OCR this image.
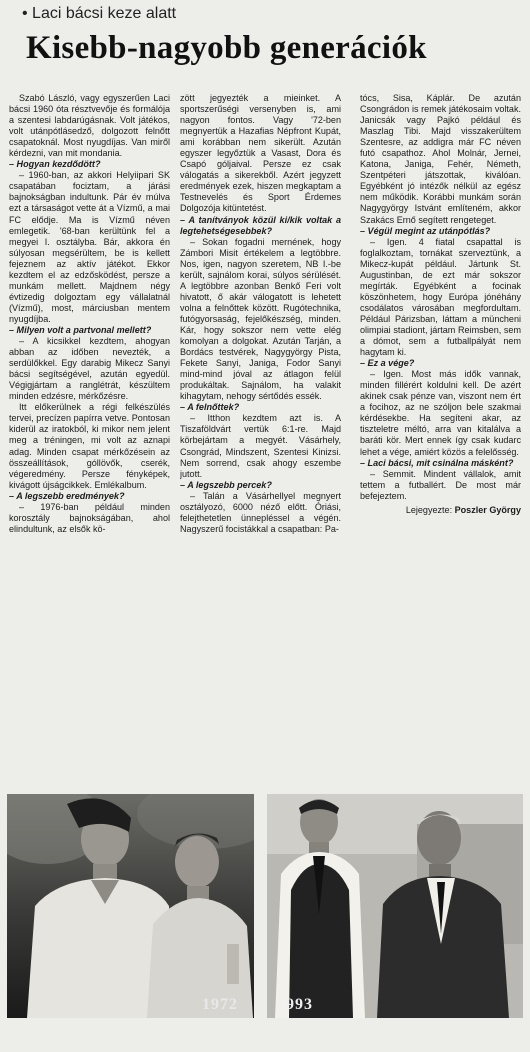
• Laci bácsi keze alatt
Kisebb-nagyobb generációk

Szabó László, vagy egyszerűen Laci bácsi 1960 óta résztvevője és formálója a szentesi labdarúgásnak. Volt játékos, volt utánpótlásedző, dolgozott felnőtt csapatoknál. Most nyugdíjas. Van miről kérdezni, van mit mondania.

– Hogyan kezdődött?

– 1960-ban, az akkori Helyiipari SK csapatában fociztam, a járási bajnokságban indultunk. Pár év múlva ezt a társaságot vette át a Vízmű, a mai FC elődje. Ma is Vízmű néven emlegetik. '68-ban kerültünk fel a megyei I. osztályba. Bár, akkora én súlyosan megsérültem, be is kellett fejeznem az aktív játékot. Ekkor kezdtem el az edzősködést, persze a munkám mellett. Majdnem négy évtizedig dolgoztam egy vállalatnál (Vízmű), most, márciusban mentem nyugdíjba.

– Milyen volt a partvonal mellett?

– A kicsikkel kezdtem, ahogyan abban az időben nevezték, a serdülőkkel. Egy darabig Mikecz Sanyi bácsi segítségével, azután egyedül. Végigjártam a ranglétrát, készültem minden edzésre, mérkőzésre.

Itt előkerülnek a régi felkészülés tervei, precízen papírra vetve. Pontosan kiderül az iratokból, ki mikor nem jelent meg a tréningen, mi volt az aznapi adag. Minden csapat mérkőzésein az összeállítások, góllövők, cserék, végeredmény. Persze fényképek, kivágott újságcikkek. Emlékalbum.

– A legszebb eredmények?

– 1976-ban például minden korosztály bajnokságában, ahol elindultunk, az elsők kö-

zött jegyezték a mieinket. A sportszerűségi versenyben is, ami nagyon fontos. Vagy '72-ben megnyertük a Hazafias Népfront Kupát, ami korábban nem sikerült. Azután egyszer legyőztük a Vasast, Dora és Csapó góljaival. Persze ez csak válogatás a sikerekből. Azért jegyzett eredmények ezek, hiszen megkaptam a Testnevelés és Sport Érdemes Dolgozója kitüntetést.

– A tanítványok közül ki/kik voltak a legtehetségesebbek?

– Sokan fogadni mernének, hogy Zámbori Misit értékelem a legtöbbre. Nos, igen, nagyon szeretem, NB I.-be került, sajnálom korai, súlyos sérülését. A legtöbbre azonban Benkő Feri volt hivatott, ő akár válogatott is lehetett volna a felnőttek között. Rugótechnika, futógyorsaság, fejelőkészség, minden. Kár, hogy sokszor nem vette elég komolyan a dolgokat. Azután Tarján, a Bordács testvérek, Nagygyörgy Pista, Fekete Sanyi, Janiga, Fodor Sanyi mind-mind jóval az átlagon felül produkáltak. Sajnálom, ha valakit kihagytam, nehogy sértődés essék.

– A felnőttek?

– Itthon kezdtem azt is. A Tiszaföldvárt vertük 6:1-re. Majd körbejártam a megyét. Vásárhely, Csongrád, Mindszent, Szentesi Kinizsi. Nem sorrend, csak ahogy eszembe jutott.

– A legszebb percek?

– Talán a Vásárhellyel megnyert osztályozó, 6000 néző előtt. Óriási, felejthetetlen ünnepléssel a végén. Nagyszerű focistákkal a csapatban: Pa-

tócs, Sisa, Káplár. De azután Csongrádon is remek játékosaim voltak. Janicsák vagy Pajkó például és Maszlag Tibi. Majd visszakerültem Szentesre, az addigra már FC néven futó csapathoz. Ahol Molnár, Jernei, Katona, Janiga, Fehér, Németh, Szentpéteri játszottak, kiválóan. Egyébként jó intézők nélkül az egész nem működik. Korábbi munkám során Nagygyörgy Istvánt említeném, akkor Szakács Ernő segített rengeteget.

– Végül megint az utánpótlás?

– Igen. 4 fiatal csapattal is foglalkoztam, tornákat szerveztünk, a Mikecz-kupát például. Jártunk St. Augustinban, de ezt már sokszor megírták. Egyébként a focinak köszönhetem, hogy Európa jónéhány csodálatos városában megfordultam. Például Párizsban, láttam a müncheni olimpiai stadiont, jártam Reimsben, sem a dómot, sem a futballpályát nem hagytam ki.

– Ez a vége?

– Igen. Most más idők vannak, minden fillérért koldulni kell. De azért akinek csak pénze van, viszont nem ért a focihoz, az ne szóljon bele szakmai kérdésekbe. Ha segíteni akar, az tiszteletre méltó, arra van kitalálva a baráti kör. Mert ennek így csak kudarc lehet a vége, amiért közös a felelősség.

– Laci bácsi, mit csinálna másként?

– Semmit. Mindent vállalok, amit tettem a futballért. De most már befejeztem.

Lejegyezte: Poszler György
1972 1993
